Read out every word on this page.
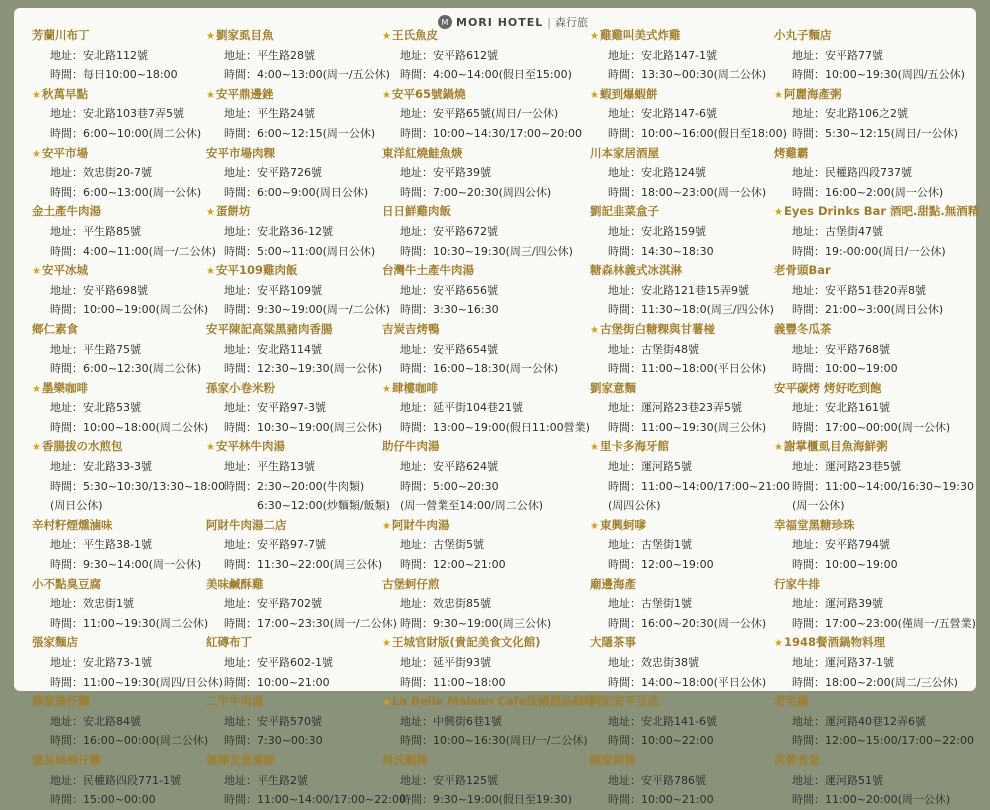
M MORI HOTEL | 森行旅
芳蘭川布丁
地址：安北路112號
時間：每日10:00~18:00
★秋萬早點
地址：安北路103巷7弄5號
時間：6:00~10:00(周二公休)
★安平市場
地址：效忠街20-7號
時間：6:00~13:00(周一公休)
金土產牛肉湯
地址：平生路85號
時間：4:00~11:00(周一/二公休)
★安平冰城
地址：安平路698號
時間：10:00~19:00(周二公休)
鄉仁素食
地址：平生路75號
時間：6:00~12:30(周二公休)
★墨樂咖啡
地址：安北路53號
時間：10:00~18:00(周二公休)
★香腸拔の水煎包
地址：安北路33-3號
時間：5:30~10:30/13:30~18:00
(周日公休)
辛村籽煙燻滷味
地址：平生路38-1號
時間：9:30~14:00(周一公休)
小不點臭豆腐
地址：效忠街1號
時間：11:00~19:30(周二公休)
張家麵店
地址：安北路73-1號
時間：11:00~19:30(周四/日公休)
薛家擔仔麵
地址：安北路84號
時間：16:00~00:00(周二公休)
億品城桶仔雞
地址：民權路四段771-1號
時間：15:00~00:00
★劉家虱目魚
地址：平生路28號
時間：4:00~13:00(周一/五公休)
★安平鼎邊銼
地址：平生路24號
時間：6:00~12:15(周一公休)
安平市場肉粿
地址：安平路726號
時間：6:00~9:00(周日公休)
★蛋餅坊
地址：安北路36-12號
時間：5:00~11:00(周日公休)
★安平109雞肉飯
地址：安平路109號
時間：9:30~19:00(周一/二公休)
安平陳記高粱黑豬肉香腸
地址：安北路114號
時間：12:30~19:30(周一公休)
孫家小卷米粉
地址：安平路97-3號
時間：10:30~19:00(周三公休)
★安平林牛肉湯
地址：平生路13號
時間：2:30~20:00(牛肉類)
　　　6:30~12:00(炒麵類/飯類)
阿財牛肉湯二店
地址：安平路97-7號
時間：11:30~22:00(周三公休)
美味鹹酥雞
地址：安平路702號
時間：17:00~23:30(周一/二公休)
紅磚布丁
地址：安平路602-1號
時間：10:00~21:00
二牛牛肉湯
地址：安平路570號
時間：7:30~00:30
強棒友魚海鮮
地址：平生路2號
時間：11:00~14:00/17:00~22:00
★王氏魚皮
地址：安平路612號
時間：4:00~14:00(假日至15:00)
★安平65號鍋燒
地址：安平路65號(周日/一公休)
時間：10:00~14:30/17:00~20:00
東洋紅燒鮭魚焿
地址：安平路39號
時間：7:00~20:30(周四公休)
日日鮮雞肉飯
地址：安平路672號
時間：10:30~19:30(周三/四公休)
台灣牛土產牛肉湯
地址：安平路656號
時間：3:30~16:30
吉炭吉烤鴨
地址：安平路654號
時間：16:00~18:30(周一公休)
★肆樓咖啡
地址：延平街104巷21號
時間：13:00~19:00(假日11:00營業)
助仔牛肉湯
地址：安平路624號
時間：5:00~20:30
(周一營業至14:00/周二公休)
★阿財牛肉湯
地址：古堡街5號
時間：12:00~21:00
古堡蚵仔煎
地址：效忠街85號
時間：9:30~19:00(周三公休)
★王城官財版(貴記美食文化館)
地址：延平街93號
時間：11:00~18:00
★La Belle Maison Cafe法國甜品咖啡
地址：中興街6巷1號
時間：10:00~16:30(周日/一/二公休)
周氏蝦捲
地址：安平路125號
時間：9:30~19:00(假日至19:30)
★雞雞叫美式炸雞
地址：安北路147-1號
時間：13:30~00:30(周二公休)
★蝦到爆蝦餅
地址：安北路147-6號
時間：10:00~16:00(假日至18:00)
川本家居酒屋
地址：安北路124號
時間：18:00~23:00(周一公休)
劉記韭菜盒子
地址：安北路159號
時間：14:30~18:30
糖森林義式冰淇淋
地址：安北路121巷15弄9號
時間：11:30~18:0(周三/四公休)
★古堡街白糖粿與甘薯椪
地址：古堡街48號
時間：11:00~18:00(平日公休)
劉家意麵
地址：運河路23巷23弄5號
時間：11:00~19:30(周三公休)
★里卡多海牙館
地址：運河路5號
時間：11:00~14:00/17:00~21:00
(周四公休)
★東興蚵嗲
地址：古堡街1號
時間：12:00~19:00
廟邊海產
地址：古堡街1號
時間：16:00~20:30(周一公休)
大隱茶事
地址：效忠街38號
時間：14:00~18:00(平日公休)
同記安平豆花
地址：安北路141-6號
時間：10:00~22:00
陳家蚵捲
地址：安平路786號
時間：10:00~21:00
小丸子麵店
地址：安平路77號
時間：10:00~19:30(周四/五公休)
★阿麗海產粥
地址：安北路106之2號
時間：5:30~12:15(周日/一公休)
烤雞霸
地址：民權路四段737號
時間：16:00~2:00(周一公休)
★Eyes Drinks Bar 酒吧.甜點.無酒精
地址：古堡街47號
時間：19:-00:00(周日/一公休)
老骨頭Bar
地址：安平路51巷20弄8號
時間：21:00~3:00(周日公休)
義豐冬瓜茶
地址：安平路768號
時間：10:00~19:00
安平碳烤 烤好吃到飽
地址：安北路161號
時間：17:00~00:00(周一公休)
★謝掌櫃虱目魚海鮮粥
地址：運河路23巷5號
時間：11:00~14:00/16:30~19:30
(周一公休)
幸福堂黑糖珍珠
地址：安平路794號
時間：10:00~19:00
行家牛排
地址：運河路39號
時間：17:00~23:00(僅周一/五營業)
★1948餐酒鍋物料理
地址：運河路37-1號
時間：18:00~2:00(周二/三公休)
老宅鍋
地址：運河路40巷12弄6號
時間：12:00~15:00/17:00~22:00
芙蓉食堂
地址：運河路51號
時間：11:00~20:00(周一公休)
